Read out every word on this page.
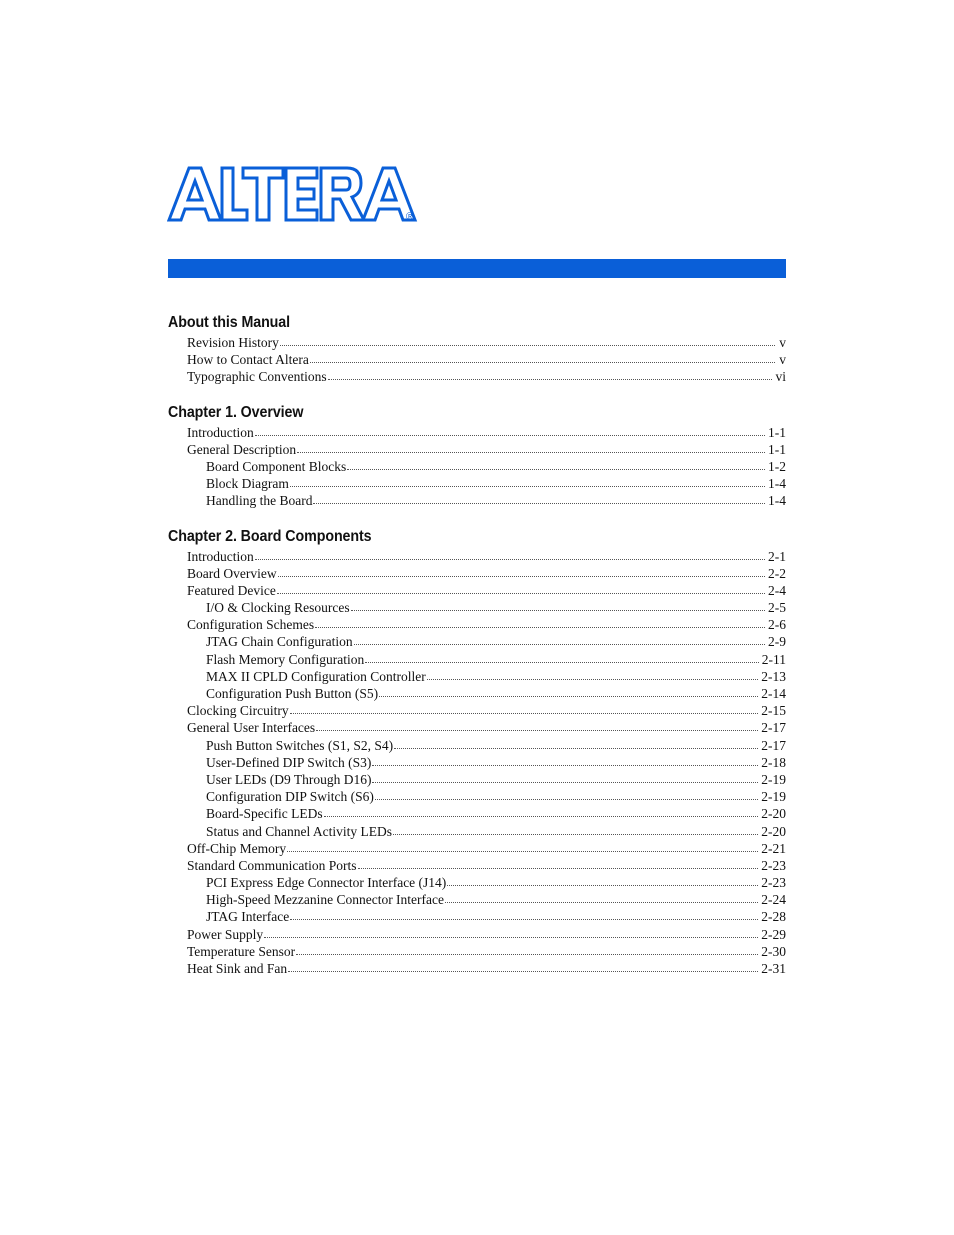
®
About this Manual
Revision History	v
How to Contact Altera	v
Typographic Conventions	vi
Chapter 1. Overview
Introduction	1-1
General Description	1-1
Board Component Blocks	1-2
Block Diagram	1-4
Handling the Board	1-4
Chapter 2. Board Components
Introduction	2-1
Board Overview	2-2
Featured Device	2-4
I/O & Clocking Resources	2-5
Configuration Schemes	2-6
JTAG Chain Configuration	2-9
Flash Memory Configuration	2-11
MAX II CPLD Configuration Controller	2-13
Configuration Push Button (S5)	2-14
Clocking Circuitry	2-15
General User Interfaces	2-17
Push Button Switches (S1, S2, S4)	2-17
User-Defined DIP Switch (S3)	2-18
User LEDs (D9 Through D16)	2-19
Configuration DIP Switch (S6)	2-19
Board-Specific LEDs	2-20
Status and Channel Activity LEDs	2-20
Off-Chip Memory	2-21
Standard Communication Ports	2-23
PCI Express Edge Connector Interface (J14)	2-23
High-Speed Mezzanine Connector Interface	2-24
JTAG Interface	2-28
Power Supply	2-29
Temperature Sensor	2-30
Heat Sink and Fan	2-31
